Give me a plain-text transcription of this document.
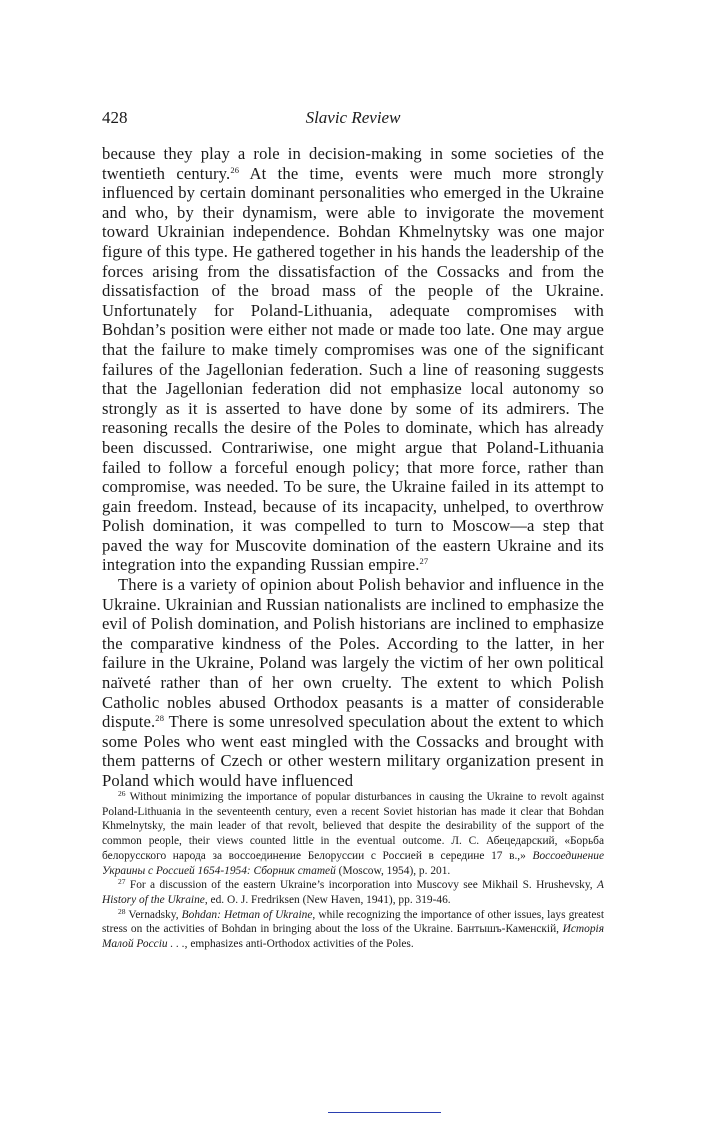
428	Slavic Review

because they play a role in decision-making in some societies of the twentieth century.$^{26}$ At the time, events were much more strongly influenced by certain dominant personalities who emerged in the Ukraine and who, by their dynamism, were able to invigorate the movement toward Ukrainian independence. Bohdan Khmelnytsky was one major figure of this type. He gathered together in his hands the leadership of the forces arising from the dissatisfaction of the Cossacks and from the dissatisfaction of the broad mass of the people of the Ukraine. Unfortunately for Poland-Lithuania, adequate compromises with Bohdan’s position were either not made or made too late. One may argue that the failure to make timely compromises was one of the significant failures of the Jagellonian federation. Such a line of reasoning suggests that the Jagellonian federation did not emphasize local autonomy so strongly as it is asserted to have done by some of its admirers. The reasoning recalls the desire of the Poles to dominate, which has already been discussed. Contrariwise, one might argue that Poland-Lithuania failed to follow a forceful enough policy; that more force, rather than compromise, was needed. To be sure, the Ukraine failed in its attempt to gain freedom. Instead, because of its incapacity, unhelped, to overthrow Polish domination, it was compelled to turn to Moscow—a step that paved the way for Muscovite domination of the eastern Ukraine and its integration into the expanding Russian empire.$^{27}$

There is a variety of opinion about Polish behavior and influence in the Ukraine. Ukrainian and Russian nationalists are inclined to emphasize the evil of Polish domination, and Polish historians are inclined to emphasize the comparative kindness of the Poles. According to the latter, in her failure in the Ukraine, Poland was largely the victim of her own political naïveté rather than of her own cruelty. The extent to which Polish Catholic nobles abused Orthodox peasants is a matter of considerable dispute.$^{28}$ There is some unresolved speculation about the extent to which some Poles who went east mingled with the Cossacks and brought with them patterns of Czech or other western military organization present in Poland which would have influenced

$^{26}$ Without minimizing the importance of popular disturbances in causing the Ukraine to revolt against Poland-Lithuania in the seventeenth century, even a recent Soviet historian has made it clear that Bohdan Khmelnytsky, the main leader of that revolt, believed that despite the desirability of the support of the common people, their views counted little in the eventual outcome. Л. С. Абецедарский, «Борьба белорусского народа за воссоединение Белоруссии с Россией в середине 17 в.,» Воссоединение Украины с Россией 1654-1954: Сборник статей (Moscow, 1954), p. 201.

$^{27}$ For a discussion of the eastern Ukraine’s incorporation into Muscovy see Mikhail S. Hrushevsky, A History of the Ukraine, ed. O. J. Fredriksen (New Haven, 1941), pp. 319-46.

$^{28}$ Vernadsky, Bohdan: Hetman of Ukraine, while recognizing the importance of other issues, lays greatest stress on the activities of Bohdan in bringing about the loss of the Ukraine. Бантышъ-Каменскiй, Исторiя Малой Россiи . . ., emphasizes anti-Orthodox activities of the Poles.
